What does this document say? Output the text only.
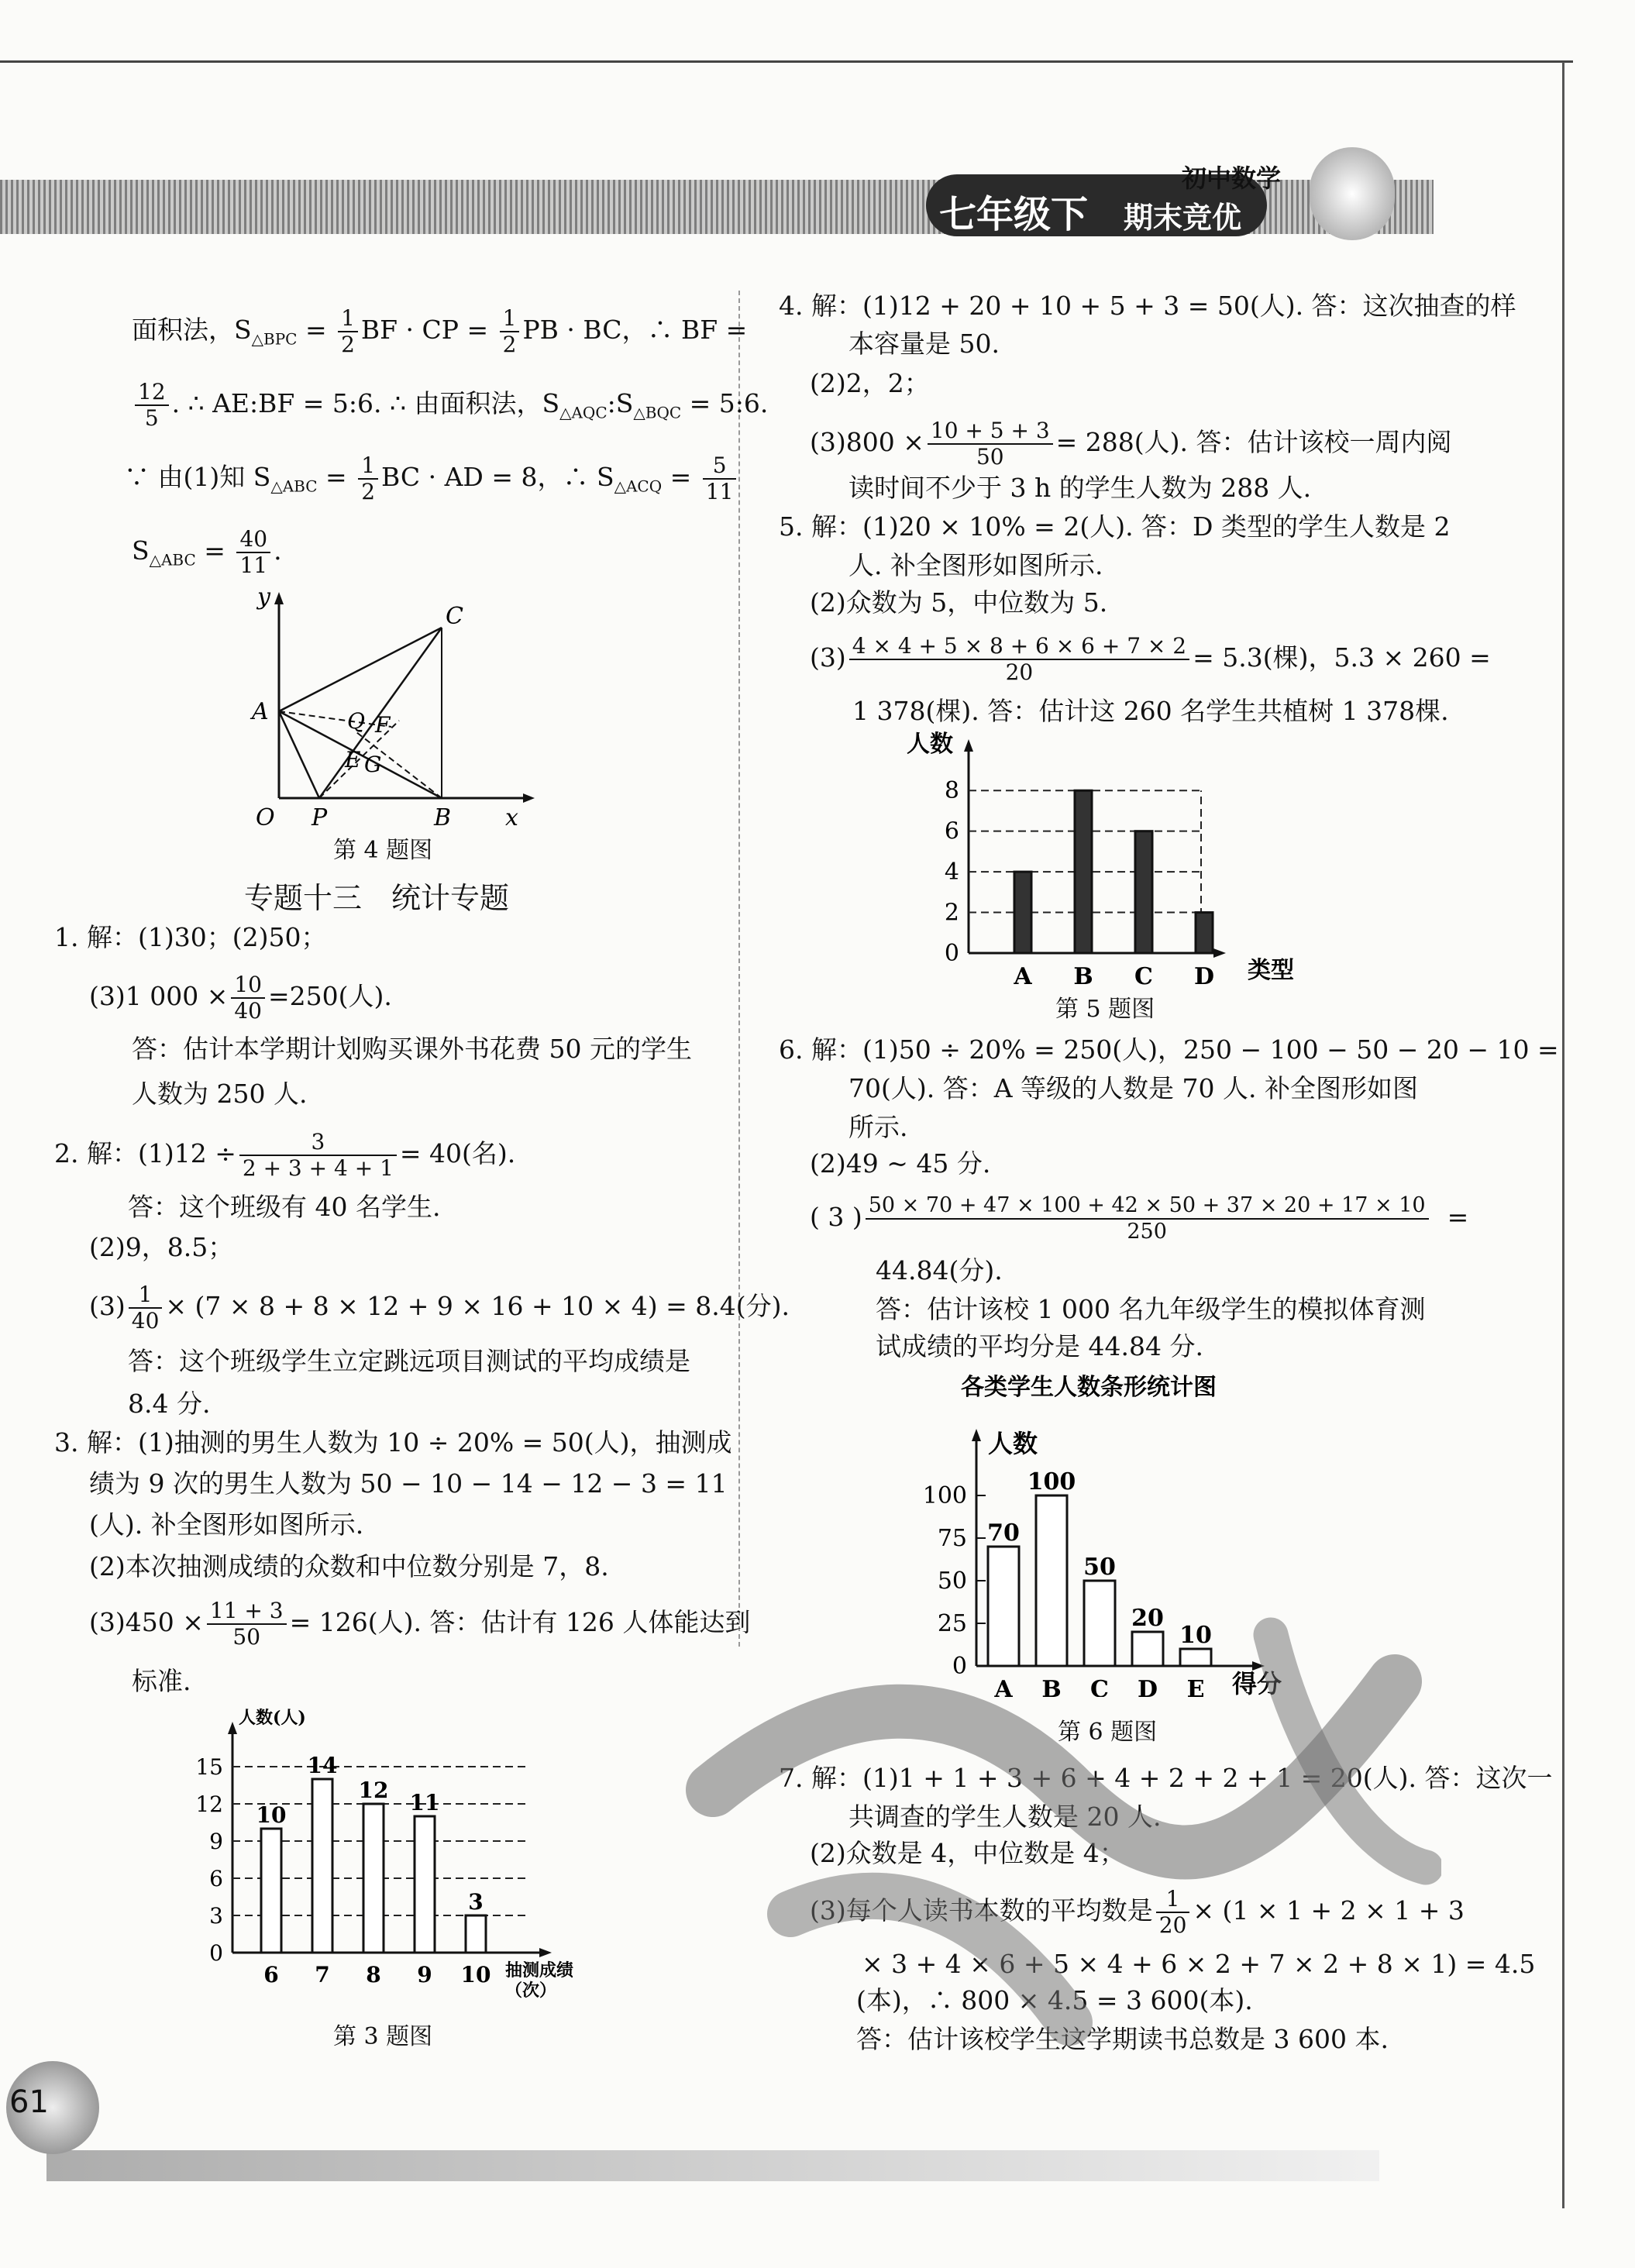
七年级下
初中数学
期末竞优
面积法，$S_{\triangle BPC} = \frac{1}{2}$ BF · CP = $\frac{1}{2}$ PB · BC，∴ BF =
$\frac{12}{5}$ . ∴ AE:BF = 5:6. ∴ 由面积法，$S_{\triangle AQC}:S_{\triangle BQC}$ = 5:6.
∵ 由(1)知 $S_{\triangle ABC} = \frac{1}{2}$ BC · AD = 8，∴ $S_{\triangle ACQ} = \frac{5}{11}$
$S_{\triangle ABC} = \frac{40}{11}$ .
y
x
O
A
B
C
P
Q F
E G
第 4 题图
专题十三　统计专题
1. 解：(1)30；(2)50；
(3)1 $000 \times \frac{10}{40} =250$(人).
答：估计本学期计划购买课外书花费 50 元的学生
人数为 250 人.
2. 解：$(1)12 \div \frac{3}{2 + 3 + 4 + 1} = 40$(名).
答：这个班级有 40 名学生.
(2)9，8.5；
$(3) \frac{1}{40} \times (7 \times 8 + 8 \times 12 + 9 \times 16 + 10 \times 4) = 8.4$(分).
答：这个班级学生立定跳远项目测试的平均成绩是
8.4 分.
3. 解：(1)抽测的男生人数为 10 ÷ 20% = 50(人)，抽测成
绩为 9 次的男生人数为 50 − 10 − 14 − 12 − 3 = 11
(人). 补全图形如图所示.
(2)本次抽测成绩的众数和中位数分别是 7，8.
$(3)450 \times \frac{11 + 3}{50} = 126$(人). 答：估计有 126 人体能达到
标准.
0
3
6
9
12
15
6
10
7
14
8
12
9
11
10
3
人数(人)
抽测成绩
（次）
第 3 题图
4. 解：(1)12 + 20 + 10 + 5 + 3 = 50(人). 答：这次抽查的样
本容量是 50.
(2)2，2；
$(3)800 \times \frac{10 + 5 + 3}{50} = 288$(人). 答：估计该校一周内阅
读时间不少于 3 h 的学生人数为 288 人.
5. 解：(1)20 × 10% = 2(人). 答：D 类型的学生人数是 2
人. 补全图形如图所示.
(2)众数为 5，中位数为 5.
$(3) \frac{4 \times 4 + 5 \times 8 + 6 \times 6 + 7 \times 2}{20} = 5.3$(棵)，5.3 × 260 =
1 378(棵). 答：估计这 260 名学生共植树 1 378棵.
0
2
4
6
8
A B C D
人数
类型
第 5 题图
6. 解：(1)50 ÷ 20% = 250(人)，250 − 100 − 50 − 20 − 10 =
70(人). 答：A 等级的人数是 70 人. 补全图形如图
所示.
(2)49 ~ 45 分.
( 3 ) $\frac{50 \times 70 + 47 \times 100 + 42 \times 50 + 37 \times 20 + 17 \times 10}{250}$ =
44.84(分).
答：估计该校 1 000 名九年级学生的模拟体育测
试成绩的平均分是 44.84 分.
各类学生人数条形统计图
0
25
50
75
100
A
70
B
100
C
50
D
20
E
10
人数
得分
第 6 题图
7. 解：(1)1 + 1 + 3 + 6 + 4 + 2 + 2 + 1 = 20(人). 答：这次一
共调查的学生人数是 20 人.
(2)众数是 4，中位数是 4；
(3)每个人读书本数的平均数是 $\frac{1}{20} \times (1 \times 1 + 2 \times 1 + 3$
× 3 + 4 × 6 + 5 × 4 + 6 × 2 + 7 × 2 + 8 × 1) = 4.5
(本)，∴ 800 × 4.5 = 3 600(本).
答：估计该校学生这学期读书总数是 3 600 本.
61
